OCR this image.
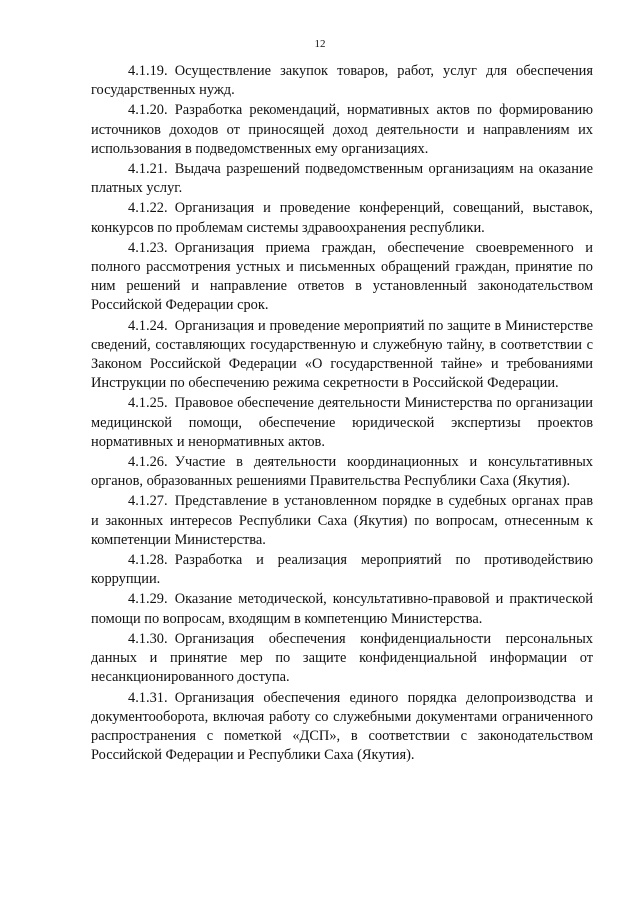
12

4.1.19. Осуществление закупок товаров, работ, услуг для обеспечения государственных нужд.

4.1.20. Разработка рекомендаций, нормативных актов по формированию источников доходов от приносящей доход деятельности и направлениям их использования в подведомственных ему организациях.

4.1.21. Выдача разрешений подведомственным организациям на оказание платных услуг.

4.1.22. Организация и проведение конференций, совещаний, выставок, конкурсов по проблемам системы здравоохранения республики.

4.1.23. Организация приема граждан, обеспечение своевременного и полного рассмотрения устных и письменных обращений граждан, принятие по ним решений и направление ответов в установленный законодательством Российской Федерации срок.

4.1.24. Организация и проведение мероприятий по защите в Министерстве сведений, составляющих государственную и служебную тайну, в соответствии с Законом Российской Федерации «О государственной тайне» и требованиями Инструкции по обеспечению режима секретности в Российской Федерации.

4.1.25. Правовое обеспечение деятельности Министерства по организации медицинской помощи, обеспечение юридической экспертизы проектов нормативных и ненормативных актов.

4.1.26. Участие в деятельности координационных и консультативных органов, образованных решениями Правительства Республики Саха (Якутия).

4.1.27. Представление в установленном порядке в судебных органах прав и законных интересов Республики Саха (Якутия) по вопросам, отнесенным к компетенции Министерства.

4.1.28. Разработка и реализация мероприятий по противодействию коррупции.

4.1.29. Оказание методической, консультативно-правовой и практической помощи по вопросам, входящим в компетенцию Министерства.

4.1.30. Организация обеспечения конфиденциальности персональных данных и принятие мер по защите конфиденциальной информации от несанкционированного доступа.

4.1.31. Организация обеспечения единого порядка делопроизводства и документооборота, включая работу со служебными документами ограниченного распространения с пометкой «ДСП», в соответствии с законодательством Российской Федерации и Республики Саха (Якутия).
